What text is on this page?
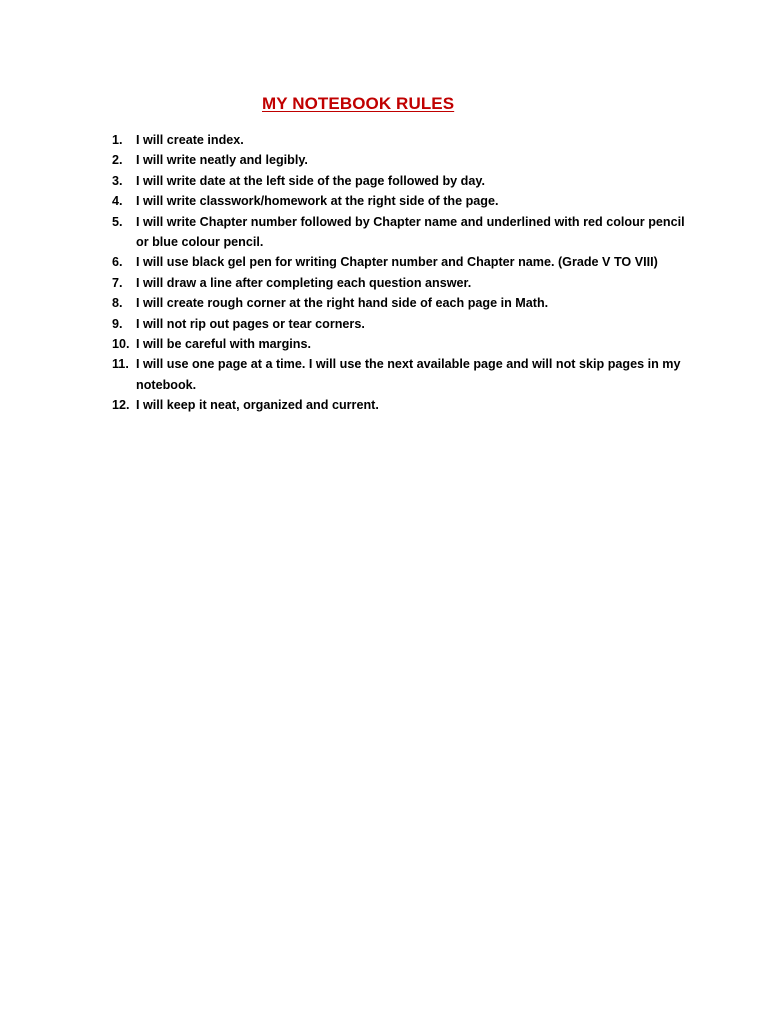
MY NOTEBOOK RULES
1. I will create index.
2. I will write neatly and legibly.
3. I will write date at the left side of the page followed by day.
4. I will write classwork/homework at the right side of the page.
5. I will write Chapter number followed by Chapter name and underlined with red colour pencil or blue colour pencil.
6. I will use black gel pen for writing Chapter number and Chapter name. (Grade V TO VIII)
7. I will draw a line after completing each question answer.
8. I will create rough corner at the right hand side of each page in Math.
9. I will not rip out pages or tear corners.
10. I will be careful with margins.
11. I will use one page at a time. I will use the next available page and will not skip pages in my notebook.
12. I will keep it neat, organized and current.
